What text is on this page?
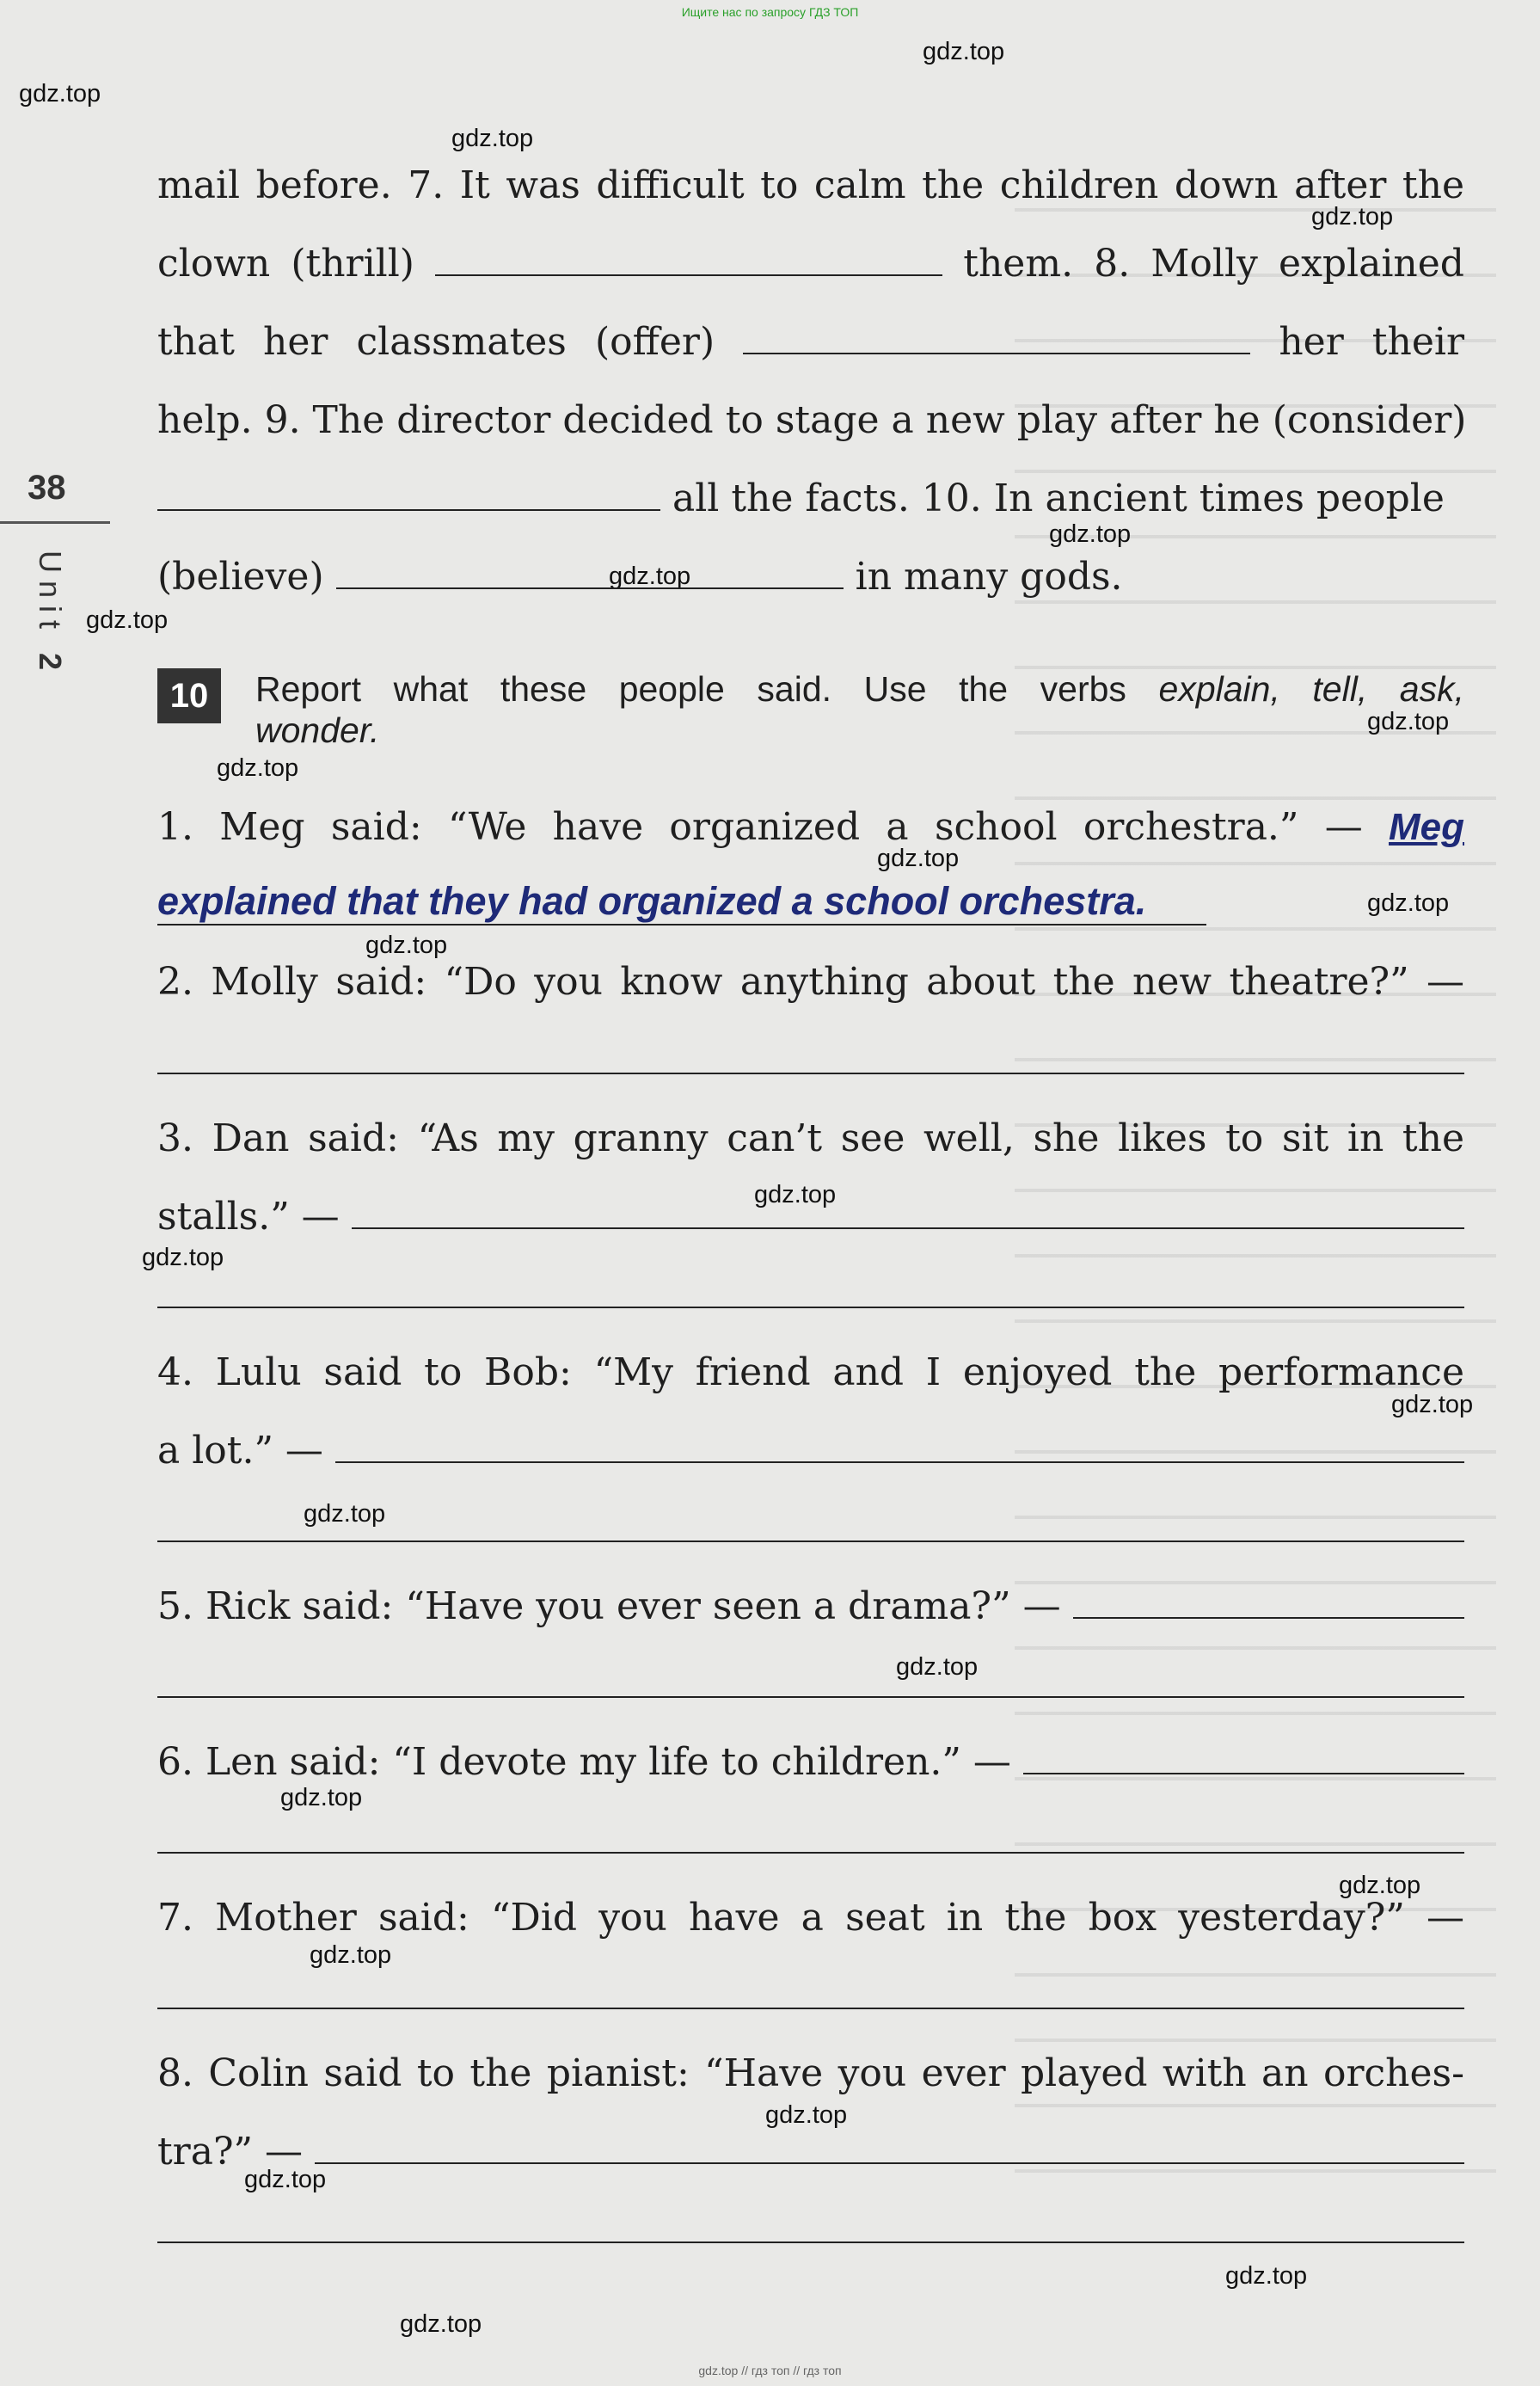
Ищите нас по запросу ГДЗ ТОП
gdz.top
gdz.top
gdz.top
gdz.top
gdz.top
gdz.top
gdz.top
gdz.top
gdz.top
gdz.top
gdz.top
gdz.top
gdz.top
gdz.top
gdz.top
gdz.top
gdz.top
gdz.top
gdz.top
gdz.top
gdz.top
gdz.top
gdz.top
gdz.top
38
Unit 2
mail before. 7. It was difficult to calm the children down after the
clown (thrill)	them. 8. Molly explained
that her classmates (offer)	her their
help. 9. The director decided to stage a new play after he (consider)
all the facts. 10. In ancient times people
(believe)	in many gods.
10	Report what these people said. Use the verbs explain, tell, ask,
wonder.
1. Meg said: “We have organized a school orchestra.” — Meg
explained that they had organized a school orchestra.
2. Molly said: “Do you know anything about the new theatre?” —
3. Dan said: “As my granny can’t see well, she likes to sit in the
stalls.” —
4. Lulu said to Bob: “My friend and I enjoyed the performance
a lot.” —
5. Rick said: “Have you ever seen a drama?” —
6. Len said: “I devote my life to children.” —
7. Mother said: “Did you have a seat in the box yesterday?” —
8. Colin said to the pianist: “Have you ever played with an orches-
tra?” —
gdz.top // гдз топ // гдз топ
